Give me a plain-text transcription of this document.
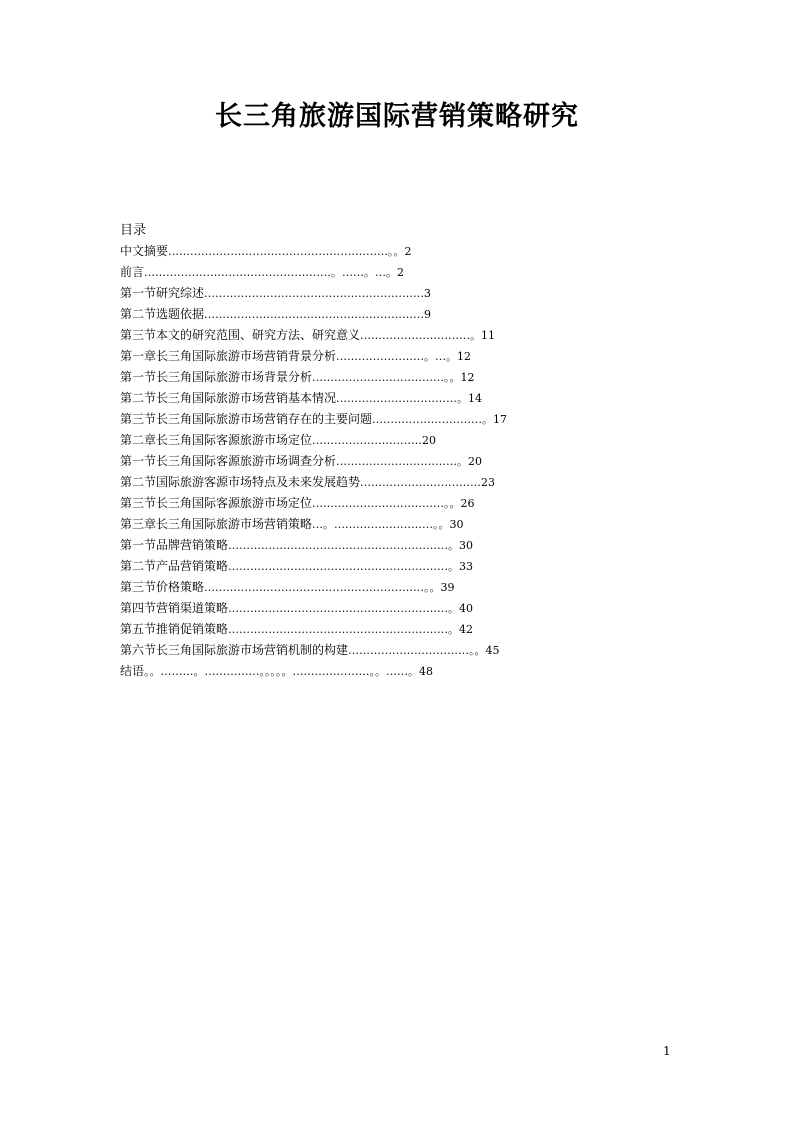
长三角旅游国际营销策略研究
目录
中文摘要……………………………………………………。。2
前言……………………………………………。……。…。2
第一节研究综述……………………………………………………3
第二节选题依据……………………………………………………9
第三节本文的研究范围、研究方法、研究意义…………………………。11
第一章长三角国际旅游市场营销背景分析……………………。…。12
第一节长三角国际旅游市场背景分析………………………………。。12
第二节长三角国际旅游市场营销基本情况……………………………。14
第三节长三角国际旅游市场营销存在的主要问题…………………………。17
第二章长三角国际客源旅游市场定位…………………………20
第一节长三角国际客源旅游市场调查分析……………………………。20
第二节国际旅游客源市场特点及未来发展趋势……………………………23
第三节长三角国际客源旅游市场定位………………………………。。26
第三章长三角国际旅游市场营销策略…。………………………。。30
第一节品牌营销策略……………………………………………………。30
第二节产品营销策略……………………………………………………。33
第三节价格策略……………………………………………………。。39
第四节营销渠道策略……………………………………………………。40
第五节推销促销策略……………………………………………………。42
第六节长三角国际旅游市场营销机制的构建……………………………。。45
结语。。………。……………。。。。。…………………。。……。48
1
